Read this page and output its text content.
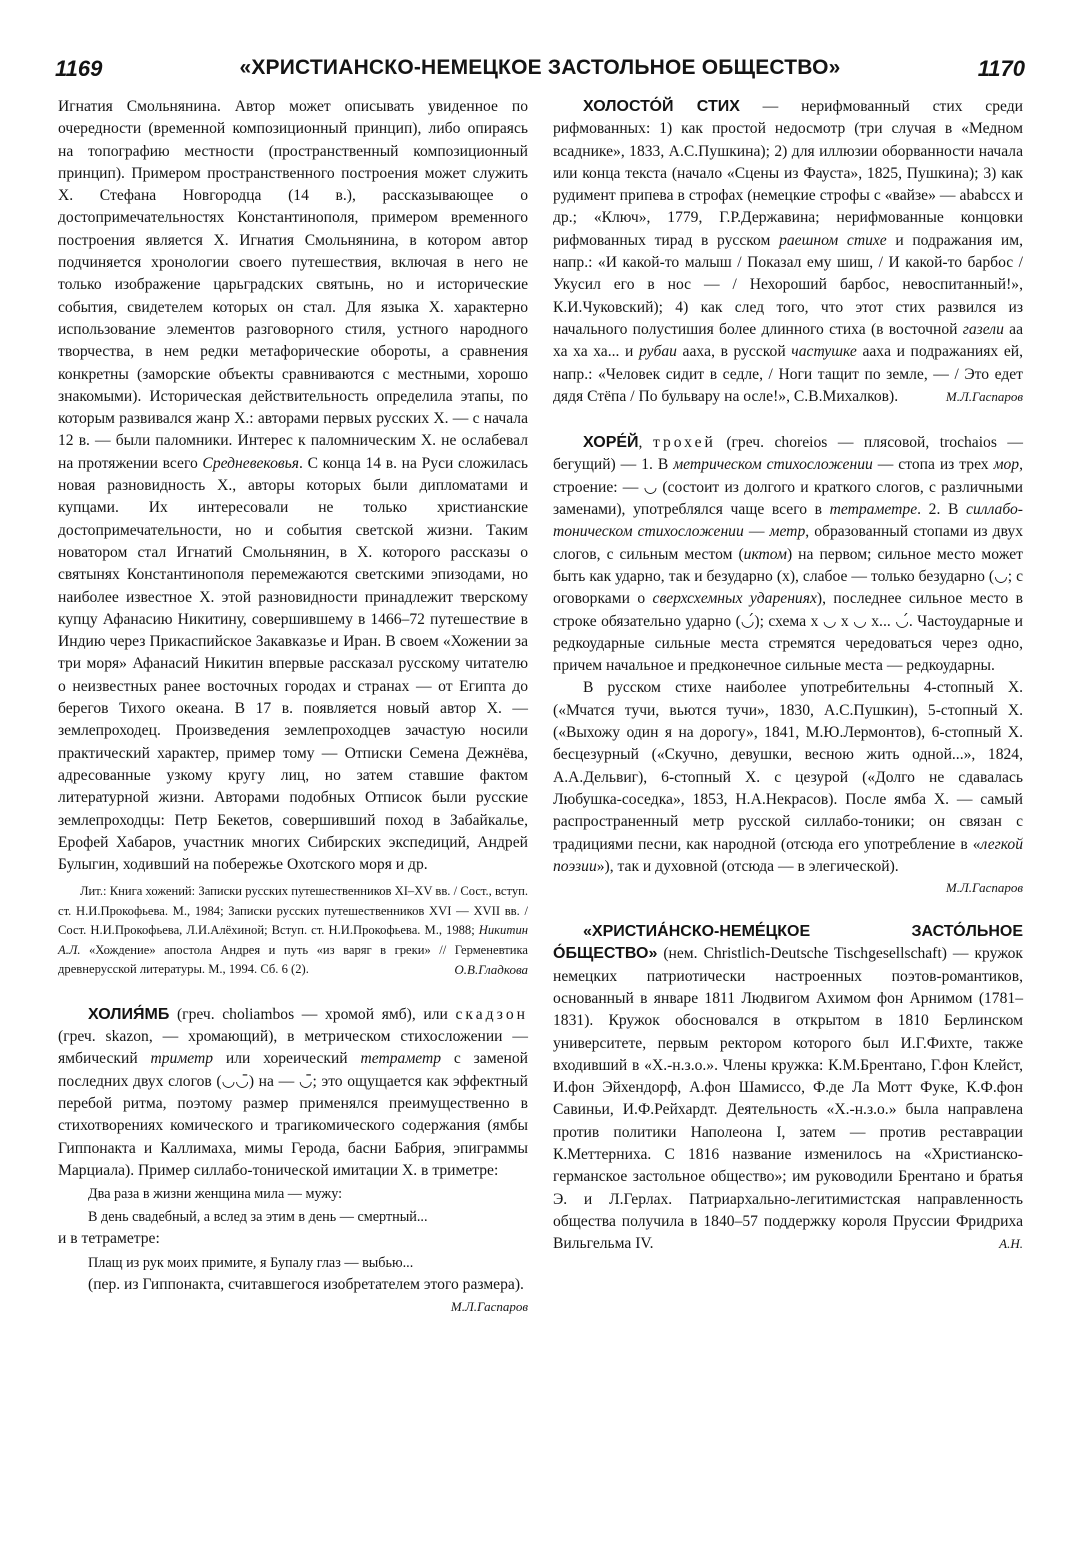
1169	«ХРИСТИАНСКО-НЕМЕЦКОЕ ЗАСТОЛЬНОЕ ОБЩЕСТВО»	1170

Игнатия Смольнянина. Автор может описывать увиденное по очередности (временной композиционный принцип), либо опираясь на топографию местности (пространственный композиционный принцип). Примером пространственного построения может служить Х. Стефана Новгородца (14 в.), рассказывающее о достопримечательностях Константинополя, примером временного построения является Х. Игнатия Смольнянина, в котором автор подчиняется хронологии своего путешествия, включая в него не только изображение царьградских святынь, но и исторические события, свидетелем которых он стал. Для языка Х. характерно использование элементов разговорного стиля, устного народного творчества, в нем редки метафорические обороты, а сравнения конкретны (заморские объекты сравниваются с местными, хорошо знакомыми). Историческая действительность определила этапы, по которым развивался жанр Х.: авторами первых русских Х. — с начала 12 в. — были паломники. Интерес к паломническим Х. не ослабевал на протяжении всего Средневековья. С конца 14 в. на Руси сложилась новая разновидность Х., авторы которых были дипломатами и купцами. Их интересовали не только христианские достопримечательности, но и события светской жизни. Таким новатором стал Игнатий Смольнянин, в Х. которого рассказы о святынях Константинополя перемежаются светскими эпизодами, но наиболее известное Х. этой разновидности принадлежит тверскому купцу Афанасию Никитину, совершившему в 1466–72 путешествие в Индию через Прикаспийское Закавказье и Иран. В своем «Хожении за три моря» Афанасий Никитин впервые рассказал русскому читателю о неизвестных ранее восточных городах и странах — от Египта до берегов Тихого океана. В 17 в. появляется новый автор Х. — землепроходец. Произведения землепроходцев зачастую носили практический характер, пример тому — Отписки Семена Дежнёва, адресованные узкому кругу лиц, но затем ставшие фактом литературной жизни. Авторами подобных Отписок были русские землепроходцы: Петр Бекетов, совершивший поход в Забайкалье, Ерофей Хабаров, участник многих Сибирских экспедиций, Андрей Булыгин, ходивший на побережье Охотского моря и др.

Лит.: Книга хожений: Записки русских путешественников XI–XV вв. / Сост., вступ. ст. Н.И.Прокофьева. М., 1984; Записки русских путешественников XVI — XVII вв. / Сост. Н.И.Прокофьева, Л.И.Алёхиной; Вступ. ст. Н.И.Прокофьева. М., 1988; Никитин А.Л. «Хождение» апостола Андрея и путь «из варяг в греки» // Герменевтика древнерусской литературы. М., 1994. Сб. 6 (2).	О.В.Гладкова

ХОЛИЯ́МБ (греч. choliambos — хромой ямб), или скадзон (греч. skazon, — хромающий), в метрическом стихосложении — ямбический триметр или хореический тетраметр с заменой последних двух слогов (◡◡̄) на — ◡̄; это ощущается как эффектный перебой ритма, поэтому размер применялся преимущественно в стихотворениях комического и трагикомического содержания (ямбы Гиппонакта и Каллимаха, мимы Герода, басни Бабрия, эпиграммы Марциала). Пример силлабо-тонической имитации Х. в триметре:

Два раза в жизни женщина мила — мужу:

В день свадебный, а вслед за этим в день — смертный...

и в тетраметре:

Плащ из рук моих примите, я Бупалу глаз — выбью...

(пер. из Гиппонакта, считавшегося изобретателем этого размера).
М.Л.Гаспаров

ХОЛОСТО́Й СТИХ — нерифмованный стих среди рифмованных: 1) как простой недосмотр (три случая в «Медном всаднике», 1833, А.С.Пушкина); 2) для иллюзии оборванности начала или конца текста (начало «Сцены из Фауста», 1825, Пушкина); 3) как рудимент припева в строфах (немецкие строфы с «вайзе» — ababccx и др.; «Ключ», 1779, Г.Р.Державина; нерифмованные концовки рифмованных тирад в русском раешном стихе и подражания им, напр.: «И какой-то малыш / Показал ему шиш, / И какой-то барбос / Укусил его в нос — / Нехороший барбос, невоспитанный!», К.И.Чуковский); 4) как след того, что этот стих развился из начального полустишия более длинного стиха (в восточной газели аа ха ха ха... и рубаи аaxa, в русской частушке аaxa и подражаниях ей, напр.: «Человек сидит в седле, / Ноги тащит по земле, — / Это едет дядя Стёпа / По бульвару на осле!», С.В.Михалков).	М.Л.Гаспаров

ХОРЕ́Й, трохей (греч. choreios — плясовой, trochaios — бегущий) — 1. В метрическом стихосложении — стопа из трех мор, строение: — ◡ (состоит из долгого и краткого слогов, с различными заменами), употреблялся чаще всего в тетраметре. 2. В силлабо-тоническом стихосложении — метр, образованный стопами из двух слогов, с сильным местом (иктом) на первом; сильное место может быть как ударно, так и безударно (x), слабое — только безударно (◡; с оговорками о сверхсхемных ударениях), последнее сильное место в строке обязательно ударно (◡́); схема x ◡ x ◡ x... ◡́. Частоударные и редкоударные сильные места стремятся чередоваться через одно, причем начальное и предконечное сильные места — редкоударны.

В русском стихе наиболее употребительны 4-стопный Х. («Мчатся тучи, вьются тучи», 1830, А.С.Пушкин), 5-стопный Х. («Выхожу один я на дорогу», 1841, М.Ю.Лермонтов), 6-стопный Х. бесцезурный («Скучно, девушки, весною жить одной...», 1824, А.А.Дельвиг), 6-стопный Х. с цезурой («Долго не сдавалась Любушка-соседка», 1853, Н.А.Некрасов). После ямба Х. — самый распространенный метр русской силлабо-тоники; он связан с традициями песни, как народной (отсюда его употребление в «легкой поэзии»), так и духовной (отсюда — в элегической).

М.Л.Гаспаров

«ХРИСТИА́НСКО-НЕМЕ́ЦКОЕ ЗАСТО́ЛЬНОЕ О́БЩЕСТВО» (нем. Christlich-Deutsche Tischgesellschaft) — кружок немецких патриотически настроенных поэтов-романтиков, основанный в январе 1811 Людвигом Ахимом фон Арнимом (1781–1831). Кружок обосновался в открытом в 1810 Берлинском университете, первым ректором которого был И.Г.Фихте, также входивший в «Х.-н.з.о.». Члены кружка: К.М.Брентано, Г.фон Клейст, И.фон Эйхендорф, А.фон Шамиссо, Ф.де Ла Мотт Фуке, К.Ф.фон Савиньи, И.Ф.Рейхардт. Деятельность «Х.-н.з.о.» была направлена против политики Наполеона I, затем — против реставрации К.Меттерниха. С 1816 название изменилось на «Христианско-германское застольное общество»; им руководили Брентано и братья Э. и Л.Герлах. Патриархально-легитимистская направленность общества получила в 1840–57 поддержку короля Пруссии Фридриха Вильгельма IV.	А.Н.
